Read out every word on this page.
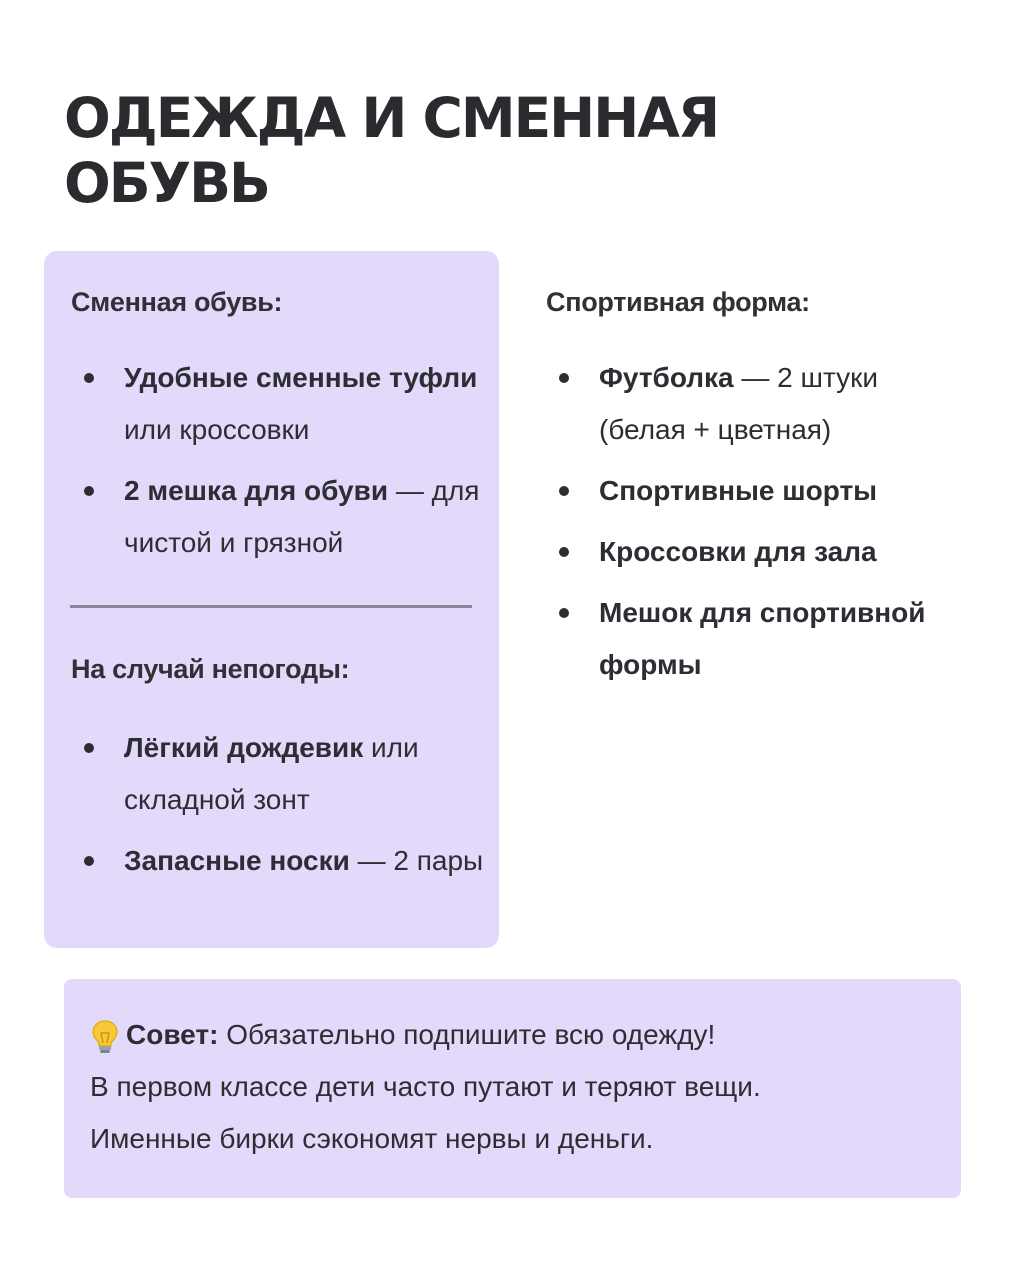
ОДЕЖДА И СМЕННАЯ
ОБУВЬ
Сменная обувь:
Удобные сменные туфли или кроссовки
2 мешка для обуви — для чистой и грязной
На случай непогоды:
Лёгкий дождевик или складной зонт
Запасные носки — 2 пары
Спортивная форма:
Футболка — 2 штуки (белая + цветная)
Спортивные шорты
Кроссовки для зала
Мешок для спортивной формы
Совет: Обязательно подпишите всю одежду!
В первом классе дети часто путают и теряют вещи.
Именные бирки сэкономят нервы и деньги.
